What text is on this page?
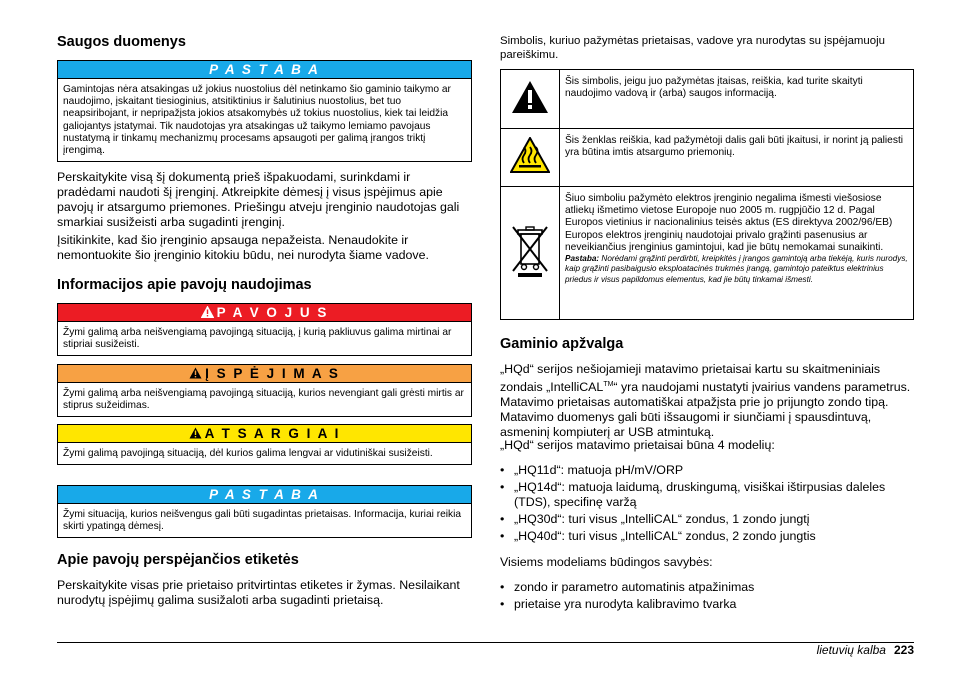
Saugos duomenys
P A S T A B A
Gamintojas nėra atsakingas už jokius nuostolius dėl netinkamo šio gaminio taikymo ar naudojimo, įskaitant tiesioginius, atsitiktinius ir šalutinius nuostolius, bet tuo neapsiribojant, ir nepripažįsta jokios atsakomybės už tokius nuostolius, kiek tai leidžia galiojantys įstatymai. Tik naudotojas yra atsakingas už taikymo lemiamo pavojaus nustatymą ir tinkamų mechanizmų procesams apsaugoti per galimą įrangos triktį įrengimą.

Perskaitykite visą šį dokumentą prieš išpakuodami, surinkdami ir pradėdami naudoti šį įrenginį. Atkreipkite dėmesį į visus įspėjimus apie pavojų ir atsargumo priemones. Priešingu atveju įrenginio naudotojas gali smarkiai susižeisti arba sugadinti įrenginį.

Įsitikinkite, kad šio įrenginio apsauga nepažeista. Nenaudokite ir nemontuokite šio įrenginio kitokiu būdu, nei nurodyta šiame vadove.

Informacijos apie pavojų naudojimas
P A V O J U S
Žymi galimą arba neišvengiamą pavojingą situaciją, į kurią pakliuvus galima mirtinai ar stipriai susižeisti.
Į S P Ė J I M A S
Žymi galimą arba neišvengiamą pavojingą situaciją, kurios nevengiant gali grėsti mirtis ar stiprus sužeidimas.
A T S A R G I A I
Žymi galimą pavojingą situaciją, dėl kurios galima lengvai ar vidutiniškai susižeisti.
P A S T A B A
Žymi situaciją, kurios neišvengus gali būti sugadintas prietaisas. Informacija, kuriai reikia skirti ypatingą dėmesį.
Apie pavojų perspėjančios etiketės

Perskaitykite visas prie prietaiso pritvirtintas etiketes ir žymas. Nesilaikant nurodytų įspėjimų galima susižaloti arba sugadinti prietaisą.

Simbolis, kuriuo pažymėtas prietaisas, vadove yra nurodytas su įspėjamuoju pareiškimu.

	Šis simbolis, jeigu juo pažymėtas įtaisas, reiškia, kad turite skaityti naudojimo vadovą ir (arba) saugos informaciją.
	Šis ženklas reiškia, kad pažymėtoji dalis gali būti įkaitusi, ir norint ją paliesti yra būtina imtis atsargumo priemonių.

Šiuo simboliu pažymėto elektros įrenginio negalima išmesti viešosiose atliekų išmetimo vietose Europoje nuo 2005 m. rugpjūčio 12 d. Pagal Europos vietinius ir nacionalinius teisės aktus (ES direktyva 2002/96/EB) Europos elektros įrenginių naudotojai privalo grąžinti pasenusius ar neveikiančius įrenginius gamintojui, kad jie būtų nemokamai sunaikinti.
Pastaba: Norėdami grąžinti perdirbti, kreipkitės į įrangos gamintoją arba tiekėją, kuris nurodys, kaip grąžinti pasibaigusio eksploatacinės trukmės įrangą, gamintojo pateiktus elektrinius priedus ir visus papildomus elementus, kad jie būtų tinkamai išmesti.
Gaminio apžvalga

„HQd“ serijos nešiojamieji matavimo prietaisai kartu su skaitmeniniais zondais „IntelliCAL™“ yra naudojami nustatyti įvairius vandens parametrus. Matavimo prietaisas automatiškai atpažįsta prie jo prijungto zondo tipą. Matavimo duomenys gali būti išsaugomi ir siunčiami į spausdintuvą, asmeninį kompiuterį ar USB atmintuką.

„HQd“ serijos matavimo prietaisai būna 4 modelių:

• „HQ11d“: matuoja pH/mV/ORP
• „HQ14d“: matuoja laidumą, druskingumą, visiškai ištirpusias daleles (TDS), specifinę varžą
• „HQ30d“: turi visus „IntelliCAL“ zondus, 1 zondo jungtį
• „HQ40d“: turi visus „IntelliCAL“ zondus, 2 zondo jungtis

Visiems modeliams būdingos savybės:

• zondo ir parametro automatinis atpažinimas
• prietaise yra nurodyta kalibravimo tvarka
lietuvių kalba 223
